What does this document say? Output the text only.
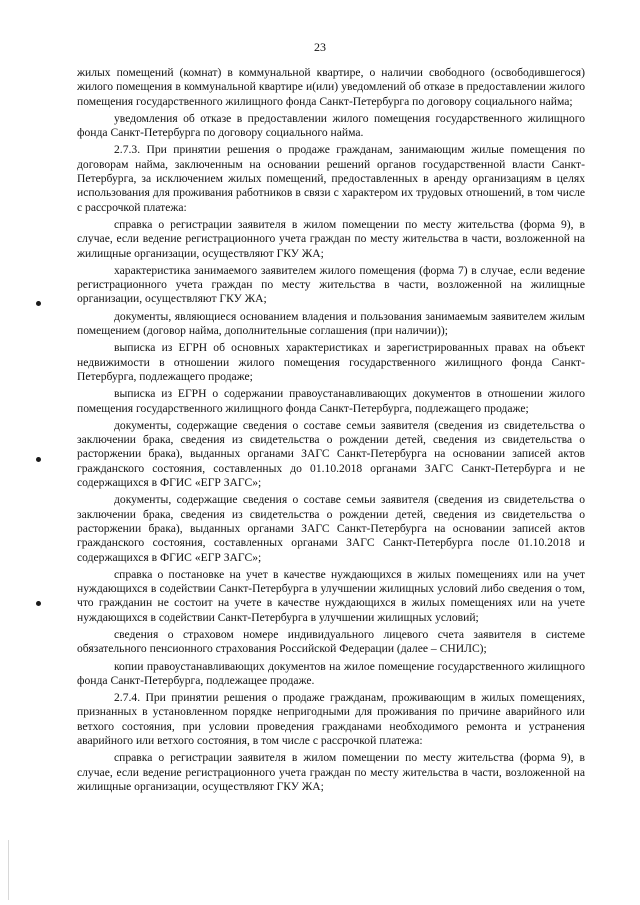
23

жилых помещений (комнат) в коммунальной квартире, о наличии свободного (освободившегося) жилого помещения в коммунальной квартире и(или) уведомлений об отказе в предоставлении жилого помещения государственного жилищного фонда Санкт-Петербурга по договору социального найма;

уведомления об отказе в предоставлении жилого помещения государственного жилищного фонда Санкт-Петербурга по договору социального найма.

2.7.3. При принятии решения о продаже гражданам, занимающим жилые помещения по договорам найма, заключенным на основании решений органов государственной власти Санкт-Петербурга, за исключением жилых помещений, предоставленных в аренду организациям в целях использования для проживания работников в связи с характером их трудовых отношений, в том числе с рассрочкой платежа:

справка о регистрации заявителя в жилом помещении по месту жительства (форма 9), в случае, если ведение регистрационного учета граждан по месту жительства в части, возложенной на жилищные организации, осуществляют ГКУ ЖА;

характеристика занимаемого заявителем жилого помещения (форма 7) в случае, если ведение регистрационного учета граждан по месту жительства в части, возложенной на жилищные организации, осуществляют ГКУ ЖА;

документы, являющиеся основанием владения и пользования занимаемым заявителем жилым помещением (договор найма, дополнительные соглашения (при наличии));

выписка из ЕГРН об основных характеристиках и зарегистрированных правах на объект недвижимости в отношении жилого помещения государственного жилищного фонда Санкт-Петербурга, подлежащего продаже;

выписка из ЕГРН о содержании правоустанавливающих документов в отношении жилого помещения государственного жилищного фонда Санкт-Петербурга, подлежащего продаже;

документы, содержащие сведения о составе семьи заявителя (сведения из свидетельства о заключении брака, сведения из свидетельства о рождении детей, сведения из свидетельства о расторжении брака), выданных органами ЗАГС Санкт-Петербурга на основании записей актов гражданского состояния, составленных до 01.10.2018 органами ЗАГС Санкт-Петербурга и не содержащихся в ФГИС «ЕГР ЗАГС»;

документы, содержащие сведения о составе семьи заявителя (сведения из свидетельства о заключении брака, сведения из свидетельства о рождении детей, сведения из свидетельства о расторжении брака), выданных органами ЗАГС Санкт-Петербурга на основании записей актов гражданского состояния, составленных органами ЗАГС Санкт-Петербурга после 01.10.2018 и содержащихся в ФГИС «ЕГР ЗАГС»;

справка о постановке на учет в качестве нуждающихся в жилых помещениях или на учет нуждающихся в содействии Санкт-Петербурга в улучшении жилищных условий либо сведения о том, что гражданин не состоит на учете в качестве нуждающихся в жилых помещениях или на учете нуждающихся в содействии Санкт-Петербурга в улучшении жилищных условий;

сведения о страховом номере индивидуального лицевого счета заявителя в системе обязательного пенсионного страхования Российской Федерации (далее – СНИЛС);

копии правоустанавливающих документов на жилое помещение государственного жилищного фонда Санкт-Петербурга, подлежащее продаже.

2.7.4. При принятии решения о продаже гражданам, проживающим в жилых помещениях, признанных в установленном порядке непригодными для проживания по причине аварийного или ветхого состояния, при условии проведения гражданами необходимого ремонта и устранения аварийного или ветхого состояния, в том числе с рассрочкой платежа:

справка о регистрации заявителя в жилом помещении по месту жительства (форма 9), в случае, если ведение регистрационного учета граждан по месту жительства в части, возложенной на жилищные организации, осуществляют ГКУ ЖА;
